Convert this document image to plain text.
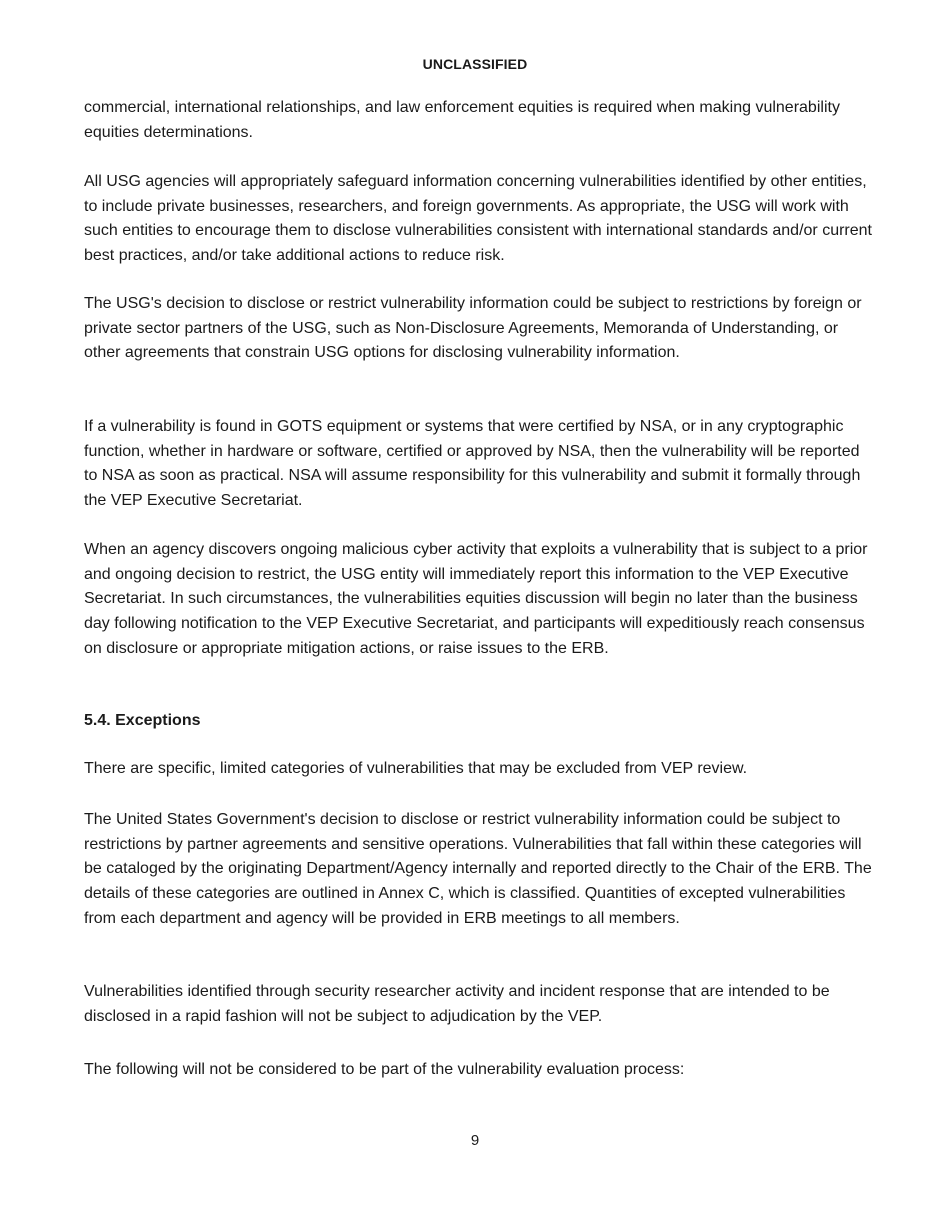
UNCLASSIFIED

commercial, international relationships, and law enforcement equities is required when making vulnerability equities determinations.

All USG agencies will appropriately safeguard information concerning vulnerabilities identified by other entities, to include private businesses, researchers, and foreign governments. As appropriate, the USG will work with such entities to encourage them to disclose vulnerabilities consistent with international standards and/or current best practices, and/or take additional actions to reduce risk.

The USG's decision to disclose or restrict vulnerability information could be subject to restrictions by foreign or private sector partners of the USG, such as Non-Disclosure Agreements, Memoranda of Understanding, or other agreements that constrain USG options for disclosing vulnerability information.

If a vulnerability is found in GOTS equipment or systems that were certified by NSA, or in any cryptographic function, whether in hardware or software, certified or approved by NSA, then the vulnerability will be reported to NSA as soon as practical. NSA will assume responsibility for this vulnerability and submit it formally through the VEP Executive Secretariat.

When an agency discovers ongoing malicious cyber activity that exploits a vulnerability that is subject to a prior and ongoing decision to restrict, the USG entity will immediately report this information to the VEP Executive Secretariat. In such circumstances, the vulnerabilities equities discussion will begin no later than the business day following notification to the VEP Executive Secretariat, and participants will expeditiously reach consensus on disclosure or appropriate mitigation actions, or raise issues to the ERB.

5.4. Exceptions

There are specific, limited categories of vulnerabilities that may be excluded from VEP review.

The United States Government's decision to disclose or restrict vulnerability information could be subject to restrictions by partner agreements and sensitive operations. Vulnerabilities that fall within these categories will be cataloged by the originating Department/Agency internally and reported directly to the Chair of the ERB. The details of these categories are outlined in Annex C, which is classified. Quantities of excepted vulnerabilities from each department and agency will be provided in ERB meetings to all members.

Vulnerabilities identified through security researcher activity and incident response that are intended to be disclosed in a rapid fashion will not be subject to adjudication by the VEP.

The following will not be considered to be part of the vulnerability evaluation process:

9
